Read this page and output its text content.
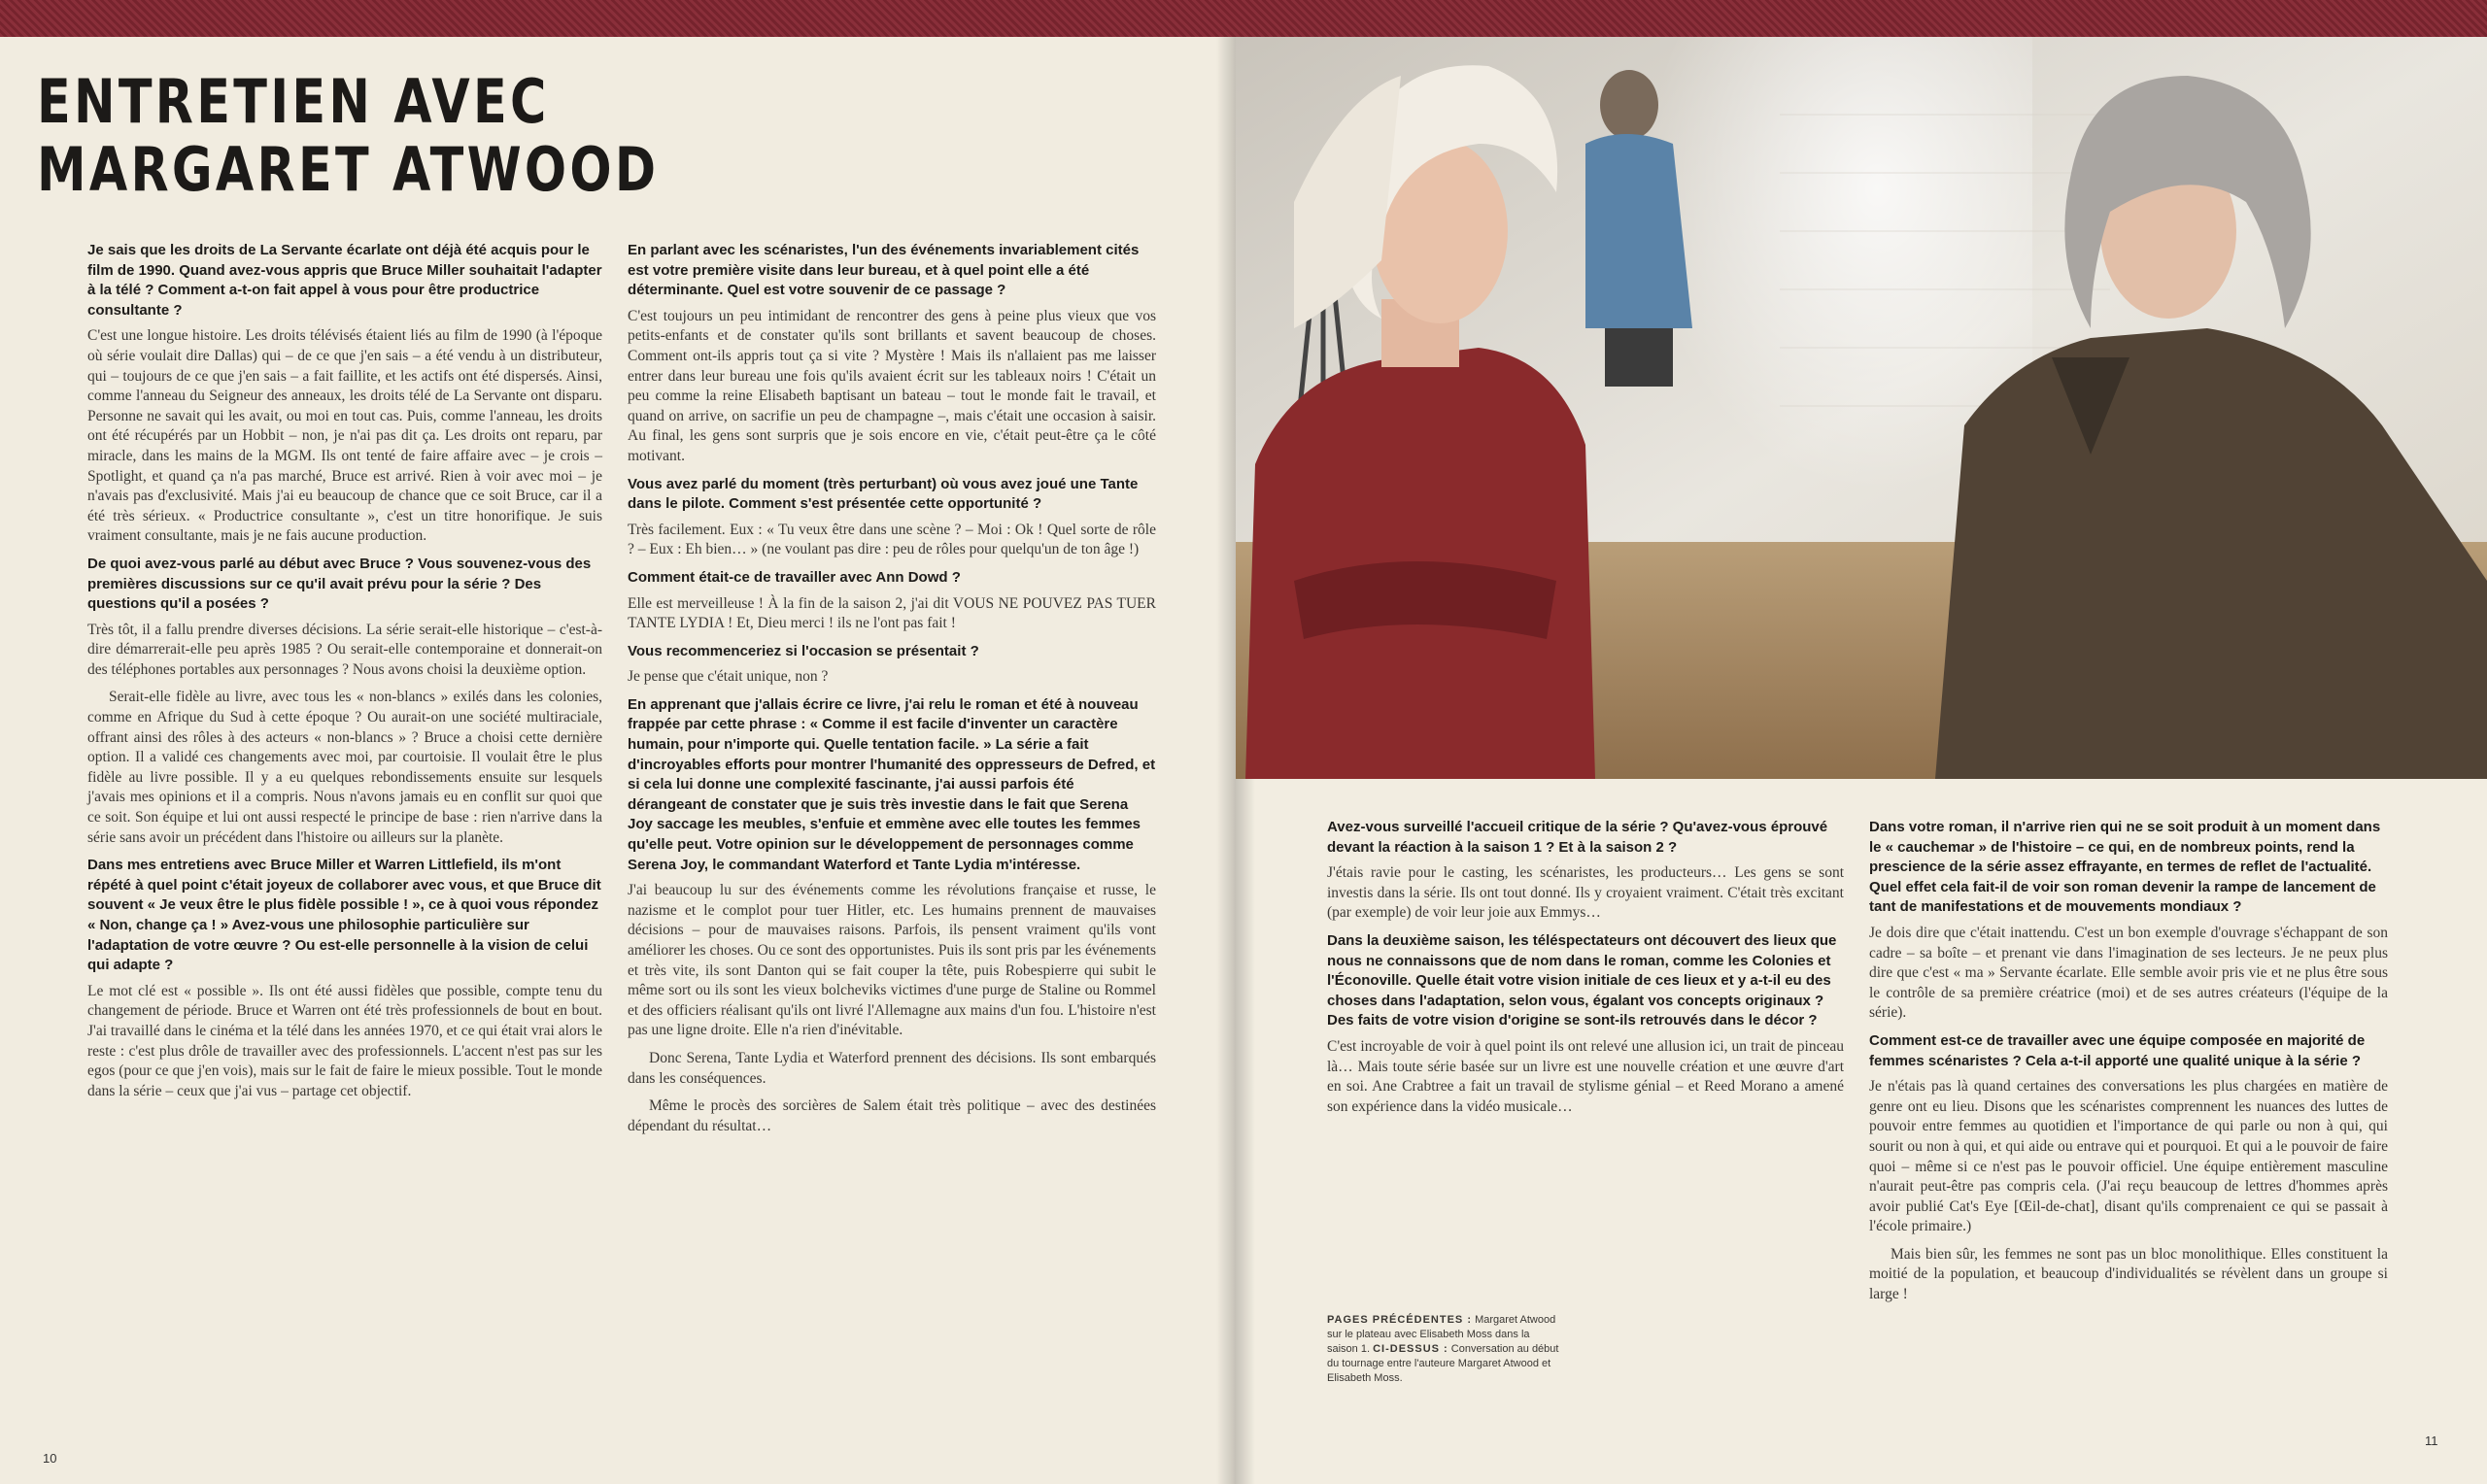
ENTRETIEN AVEC
MARGARET ATWOOD
Je sais que les droits de La Servante écarlate ont déjà été acquis pour le film de 1990. Quand avez-vous appris que Bruce Miller souhaitait l'adapter à la télé ? Comment a-t-on fait appel à vous pour être productrice consultante ?

C'est une longue histoire. Les droits télévisés étaient liés au film de 1990 (à l'époque où série voulait dire Dallas) qui – de ce que j'en sais – a été vendu à un distributeur, qui – toujours de ce que j'en sais – a fait faillite, et les actifs ont été dispersés. Ainsi, comme l'anneau du Seigneur des anneaux, les droits télé de La Servante ont disparu. Personne ne savait qui les avait, ou moi en tout cas. Puis, comme l'anneau, les droits ont été récupérés par un Hobbit – non, je n'ai pas dit ça. Les droits ont reparu, par miracle, dans les mains de la MGM. Ils ont tenté de faire affaire avec – je crois – Spotlight, et quand ça n'a pas marché, Bruce est arrivé. Rien à voir avec moi – je n'avais pas d'exclusivité. Mais j'ai eu beaucoup de chance que ce soit Bruce, car il a été très sérieux. « Productrice consultante », c'est un titre honorifique. Je suis vraiment consultante, mais je ne fais aucune production.

De quoi avez-vous parlé au début avec Bruce ? Vous souvenez-vous des premières discussions sur ce qu'il avait prévu pour la série ? Des questions qu'il a posées ?

Très tôt, il a fallu prendre diverses décisions. La série serait-elle historique – c'est-à-dire démarrerait-elle peu après 1985 ? Ou serait-elle contemporaine et donnerait-on des téléphones portables aux personnages ? Nous avons choisi la deuxième option.

Serait-elle fidèle au livre, avec tous les « non-blancs » exilés dans les colonies, comme en Afrique du Sud à cette époque ? Ou aurait-on une société multiraciale, offrant ainsi des rôles à des acteurs « non-blancs » ? Bruce a choisi cette dernière option. Il a validé ces changements avec moi, par courtoisie. Il voulait être le plus fidèle au livre possible. Il y a eu quelques rebondissements ensuite sur lesquels j'avais mes opinions et il a compris. Nous n'avons jamais eu en conflit sur quoi que ce soit. Son équipe et lui ont aussi respecté le principe de base : rien n'arrive dans la série sans avoir un précédent dans l'histoire ou ailleurs sur la planète.

Dans mes entretiens avec Bruce Miller et Warren Littlefield, ils m'ont répété à quel point c'était joyeux de collaborer avec vous, et que Bruce dit souvent « Je veux être le plus fidèle possible ! », ce à quoi vous répondez « Non, change ça ! » Avez-vous une philosophie particulière sur l'adaptation de votre œuvre ? Ou est-elle personnelle à la vision de celui qui adapte ?

Le mot clé est « possible ». Ils ont été aussi fidèles que possible, compte tenu du changement de période. Bruce et Warren ont été très professionnels de bout en bout. J'ai travaillé dans le cinéma et la télé dans les années 1970, et ce qui était vrai alors le reste : c'est plus drôle de travailler avec des professionnels. L'accent n'est pas sur les egos (pour ce que j'en vois), mais sur le fait de faire le mieux possible. Tout le monde dans la série – ceux que j'ai vus – partage cet objectif.

En parlant avec les scénaristes, l'un des événements invariablement cités est votre première visite dans leur bureau, et à quel point elle a été déterminante. Quel est votre souvenir de ce passage ?

C'est toujours un peu intimidant de rencontrer des gens à peine plus vieux que vos petits-enfants et de constater qu'ils sont brillants et savent beaucoup de choses. Comment ont-ils appris tout ça si vite ? Mystère ! Mais ils n'allaient pas me laisser entrer dans leur bureau une fois qu'ils avaient écrit sur les tableaux noirs ! C'était un peu comme la reine Elisabeth baptisant un bateau – tout le monde fait le travail, et quand on arrive, on sacrifie un peu de champagne –, mais c'était une occasion à saisir. Au final, les gens sont surpris que je sois encore en vie, c'était peut-être ça le côté motivant.

Vous avez parlé du moment (très perturbant) où vous avez joué une Tante dans le pilote. Comment s'est présentée cette opportunité ?

Très facilement. Eux : « Tu veux être dans une scène ? – Moi : Ok ! Quel sorte de rôle ? – Eux : Eh bien… » (ne voulant pas dire : peu de rôles pour quelqu'un de ton âge !)

Comment était-ce de travailler avec Ann Dowd ?

Elle est merveilleuse ! À la fin de la saison 2, j'ai dit VOUS NE POUVEZ PAS TUER TANTE LYDIA ! Et, Dieu merci ! ils ne l'ont pas fait !

Vous recommenceriez si l'occasion se présentait ?

Je pense que c'était unique, non ?

En apprenant que j'allais écrire ce livre, j'ai relu le roman et été à nouveau frappée par cette phrase : « Comme il est facile d'inventer un caractère humain, pour n'importe qui. Quelle tentation facile. » La série a fait d'incroyables efforts pour montrer l'humanité des oppresseurs de Defred, et si cela lui donne une complexité fascinante, j'ai aussi parfois été dérangeant de constater que je suis très investie dans le fait que Serena Joy saccage les meubles, s'enfuie et emmène avec elle toutes les femmes qu'elle peut. Votre opinion sur le développement de personnages comme Serena Joy, le commandant Waterford et Tante Lydia m'intéresse.

J'ai beaucoup lu sur des événements comme les révolutions française et russe, le nazisme et le complot pour tuer Hitler, etc. Les humains prennent de mauvaises décisions – pour de mauvaises raisons. Parfois, ils pensent vraiment qu'ils vont améliorer les choses. Ou ce sont des opportunistes. Puis ils sont pris par les événements et très vite, ils sont Danton qui se fait couper la tête, puis Robespierre qui subit le même sort ou ils sont les vieux bolcheviks victimes d'une purge de Staline ou Rommel et des officiers réalisant qu'ils ont livré l'Allemagne aux mains d'un fou. L'histoire n'est pas une ligne droite. Elle n'a rien d'inévitable.

Donc Serena, Tante Lydia et Waterford prennent des décisions. Ils sont embarqués dans les conséquences.

Même le procès des sorcières de Salem était très politique – avec des destinées dépendant du résultat…

Avez-vous surveillé l'accueil critique de la série ? Qu'avez-vous éprouvé devant la réaction à la saison 1 ? Et à la saison 2 ?

J'étais ravie pour le casting, les scénaristes, les producteurs… Les gens se sont investis dans la série. Ils ont tout donné. Ils y croyaient vraiment. C'était très excitant (par exemple) de voir leur joie aux Emmys…

Dans la deuxième saison, les téléspectateurs ont découvert des lieux que nous ne connaissons que de nom dans le roman, comme les Colonies et l'Éconoville. Quelle était votre vision initiale de ces lieux et y a-t-il eu des choses dans l'adaptation, selon vous, égalant vos concepts originaux ? Des faits de votre vision d'origine se sont-ils retrouvés dans le décor ?

C'est incroyable de voir à quel point ils ont relevé une allusion ici, un trait de pinceau là… Mais toute série basée sur un livre est une nouvelle création et une œuvre d'art en soi. Ane Crabtree a fait un travail de stylisme génial – et Reed Morano a amené son expérience dans la vidéo musicale…

Dans votre roman, il n'arrive rien qui ne se soit produit à un moment dans le « cauchemar » de l'histoire – ce qui, en de nombreux points, rend la prescience de la série assez effrayante, en termes de reflet de l'actualité. Quel effet cela fait-il de voir son roman devenir la rampe de lancement de tant de manifestations et de mouvements mondiaux ?

Je dois dire que c'était inattendu. C'est un bon exemple d'ouvrage s'échappant de son cadre – sa boîte – et prenant vie dans l'imagination de ses lecteurs. Je ne peux plus dire que c'est « ma » Servante écarlate. Elle semble avoir pris vie et ne plus être sous le contrôle de sa première créatrice (moi) et de ses autres créateurs (l'équipe de la série).

Comment est-ce de travailler avec une équipe composée en majorité de femmes scénaristes ? Cela a-t-il apporté une qualité unique à la série ?

Je n'étais pas là quand certaines des conversations les plus chargées en matière de genre ont eu lieu. Disons que les scénaristes comprennent les nuances des luttes de pouvoir entre femmes au quotidien et l'importance de qui parle ou non à qui, qui sourit ou non à qui, et qui aide ou entrave qui et pourquoi. Et qui a le pouvoir de faire quoi – même si ce n'est pas le pouvoir officiel. Une équipe entièrement masculine n'aurait peut-être pas compris cela. (J'ai reçu beaucoup de lettres d'hommes après avoir publié Cat's Eye [Œil-de-chat], disant qu'ils comprenaient ce qui se passait à l'école primaire.)

Mais bien sûr, les femmes ne sont pas un bloc monolithique. Elles constituent la moitié de la population, et beaucoup d'individualités se révèlent dans un groupe si large !

PAGES PRÉCÉDENTES : Margaret Atwood sur le plateau avec Elisabeth Moss dans la saison 1. CI-DESSUS : Conversation au début du tournage entre l'auteure Margaret Atwood et Elisabeth Moss.
10
11
